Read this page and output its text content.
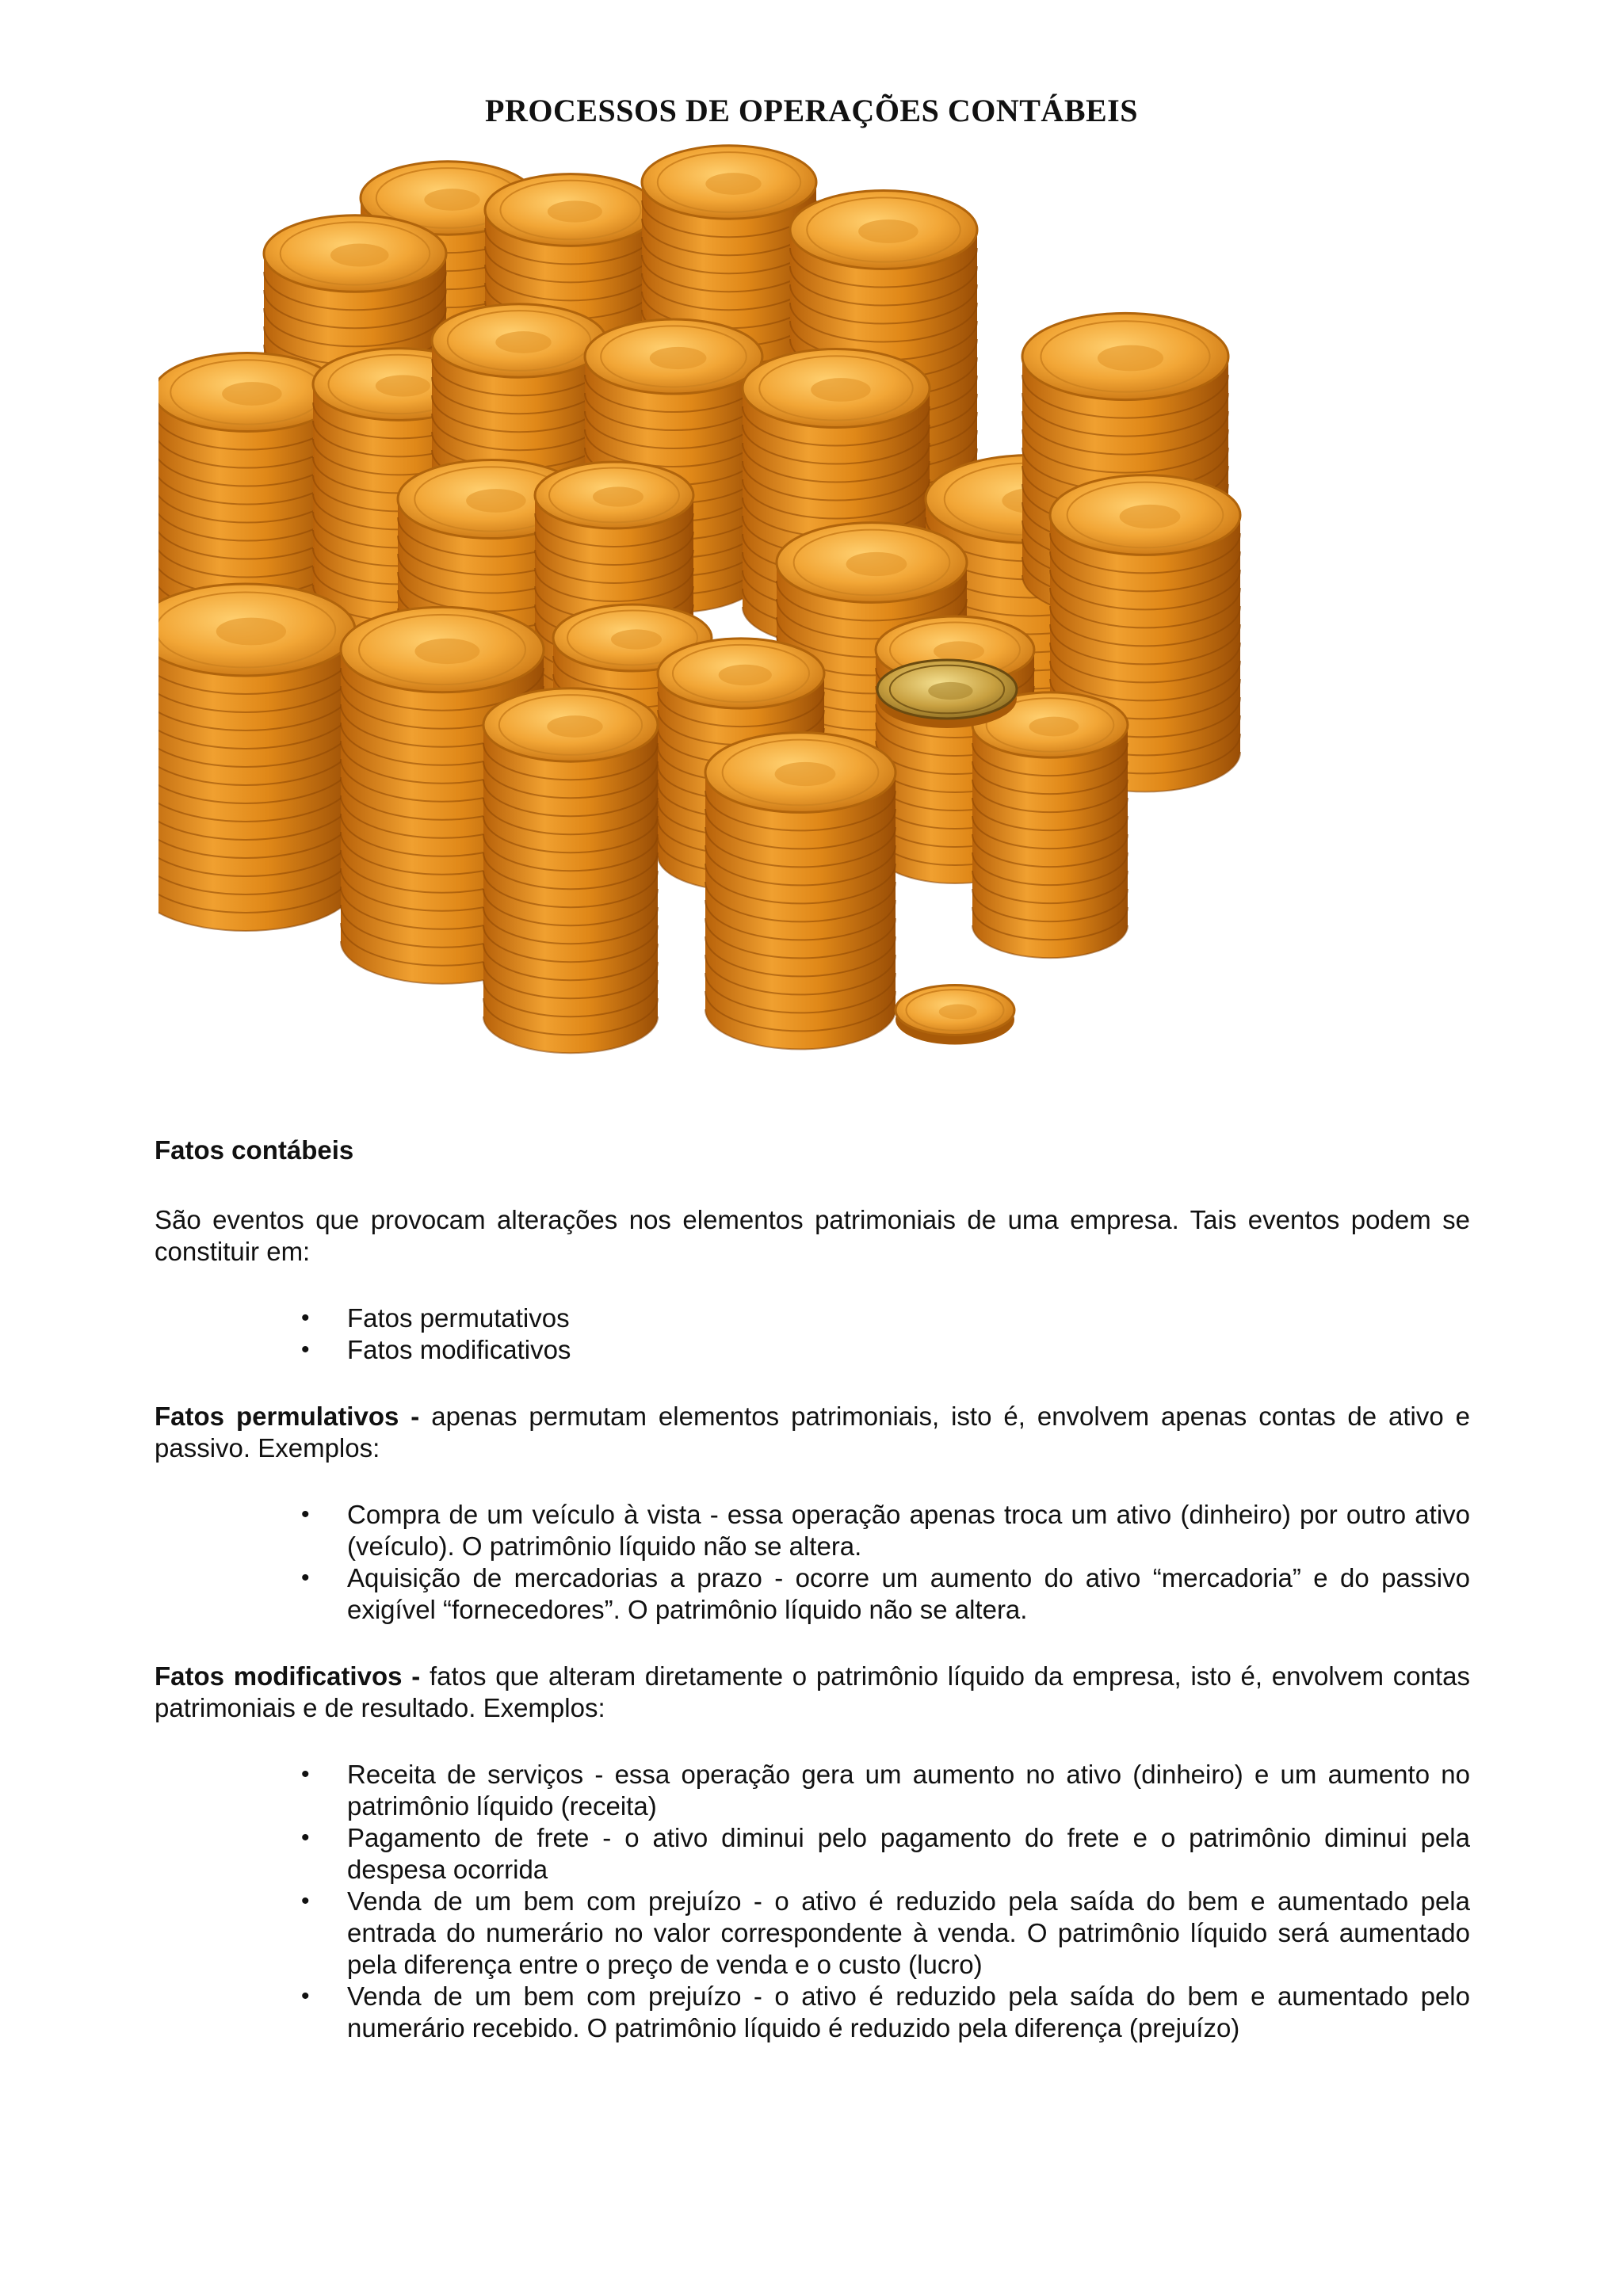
PROCESSOS DE OPERAÇÕES CONTÁBEIS

Fatos contábeis

São eventos que provocam alterações nos elementos patrimoniais de uma empresa. Tais eventos podem se constituir em:

• Fatos permutativos
• Fatos modificativos

Fatos permulativos - apenas permutam elementos patrimoniais, isto é, envolvem apenas contas de ativo e passivo. Exemplos:

• Compra de um veículo à vista - essa operação apenas troca um ativo (dinheiro) por outro ativo (veículo). O patrimônio líquido não se altera.
• Aquisição de mercadorias a prazo - ocorre um aumento do ativo “mercadoria” e do passivo exigível “fornecedores”. O patrimônio líquido não se altera.

Fatos modificativos - fatos que alteram diretamente o patrimônio líquido da empresa, isto é, envolvem contas patrimoniais e de resultado. Exemplos:

• Receita de serviços - essa operação gera um aumento no ativo (dinheiro) e um aumento no patrimônio líquido (receita)
• Pagamento de frete - o ativo diminui pelo pagamento do frete e o patrimônio diminui pela despesa ocorrida
• Venda de um bem com prejuízo - o ativo é reduzido pela saída do bem e aumentado pela entrada do numerário no valor correspondente à venda. O patrimônio líquido será aumentado pela diferença entre o preço de venda e o custo (lucro)
• Venda de um bem com prejuízo - o ativo é reduzido pela saída do bem e aumentado pelo numerário recebido. O patrimônio líquido é reduzido pela diferença (prejuízo)
